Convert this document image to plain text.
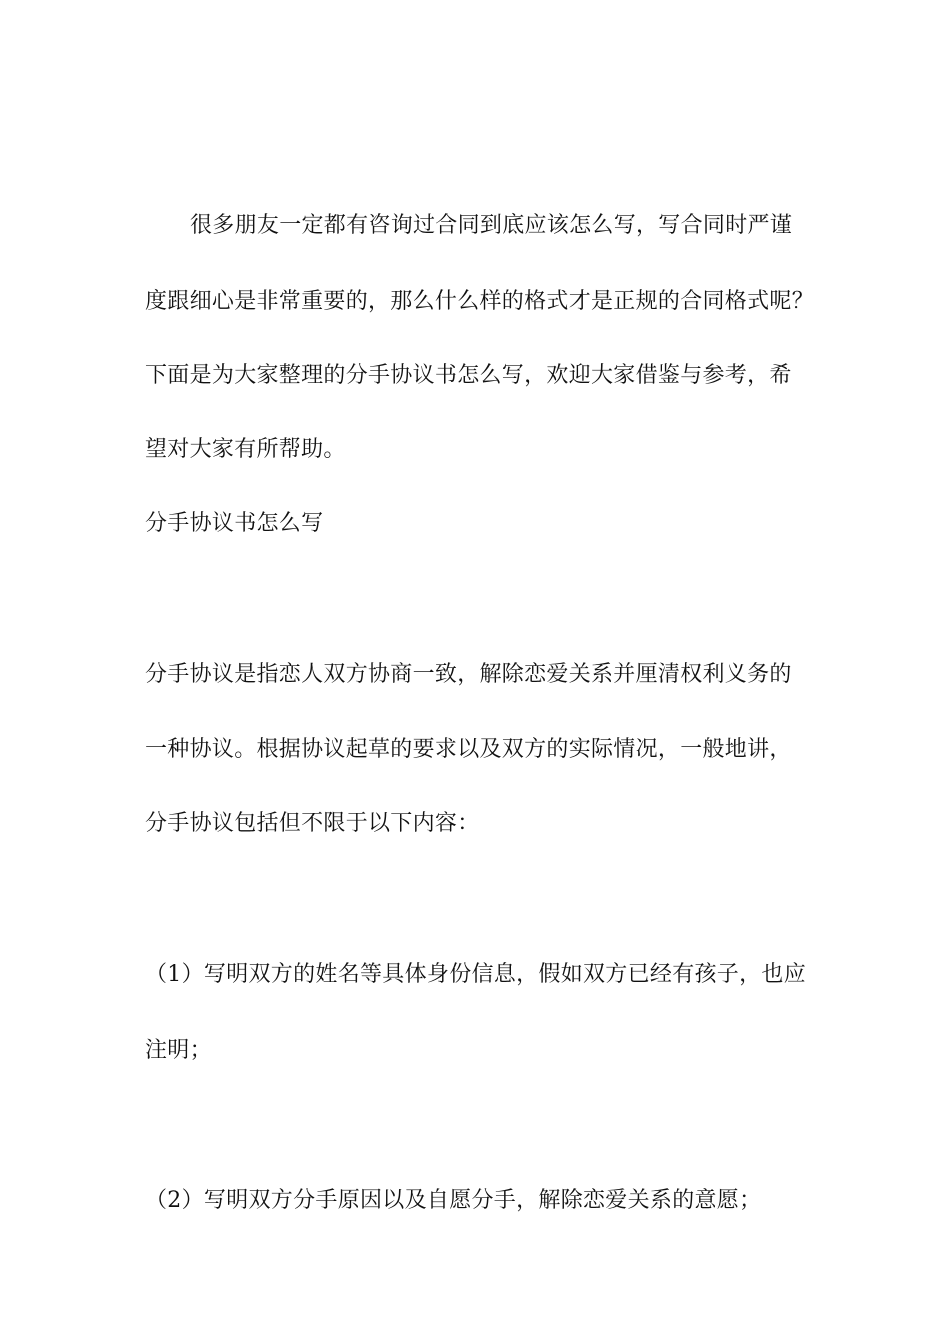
很多朋友一定都有咨询过合同到底应该怎么写，写合同时严谨
度跟细心是非常重要的，那么什么样的格式才是正规的合同格式呢？
下面是为大家整理的分手协议书怎么写，欢迎大家借鉴与参考，希
望对大家有所帮助。
分手协议书怎么写
分手协议是指恋人双方协商一致，解除恋爱关系并厘清权利义务的
一种协议。根据协议起草的要求以及双方的实际情况，一般地讲，
分手协议包括但不限于以下内容：
（1）写明双方的姓名等具体身份信息，假如双方已经有孩子，也应
注明；
（2）写明双方分手原因以及自愿分手，解除恋爱关系的意愿；
